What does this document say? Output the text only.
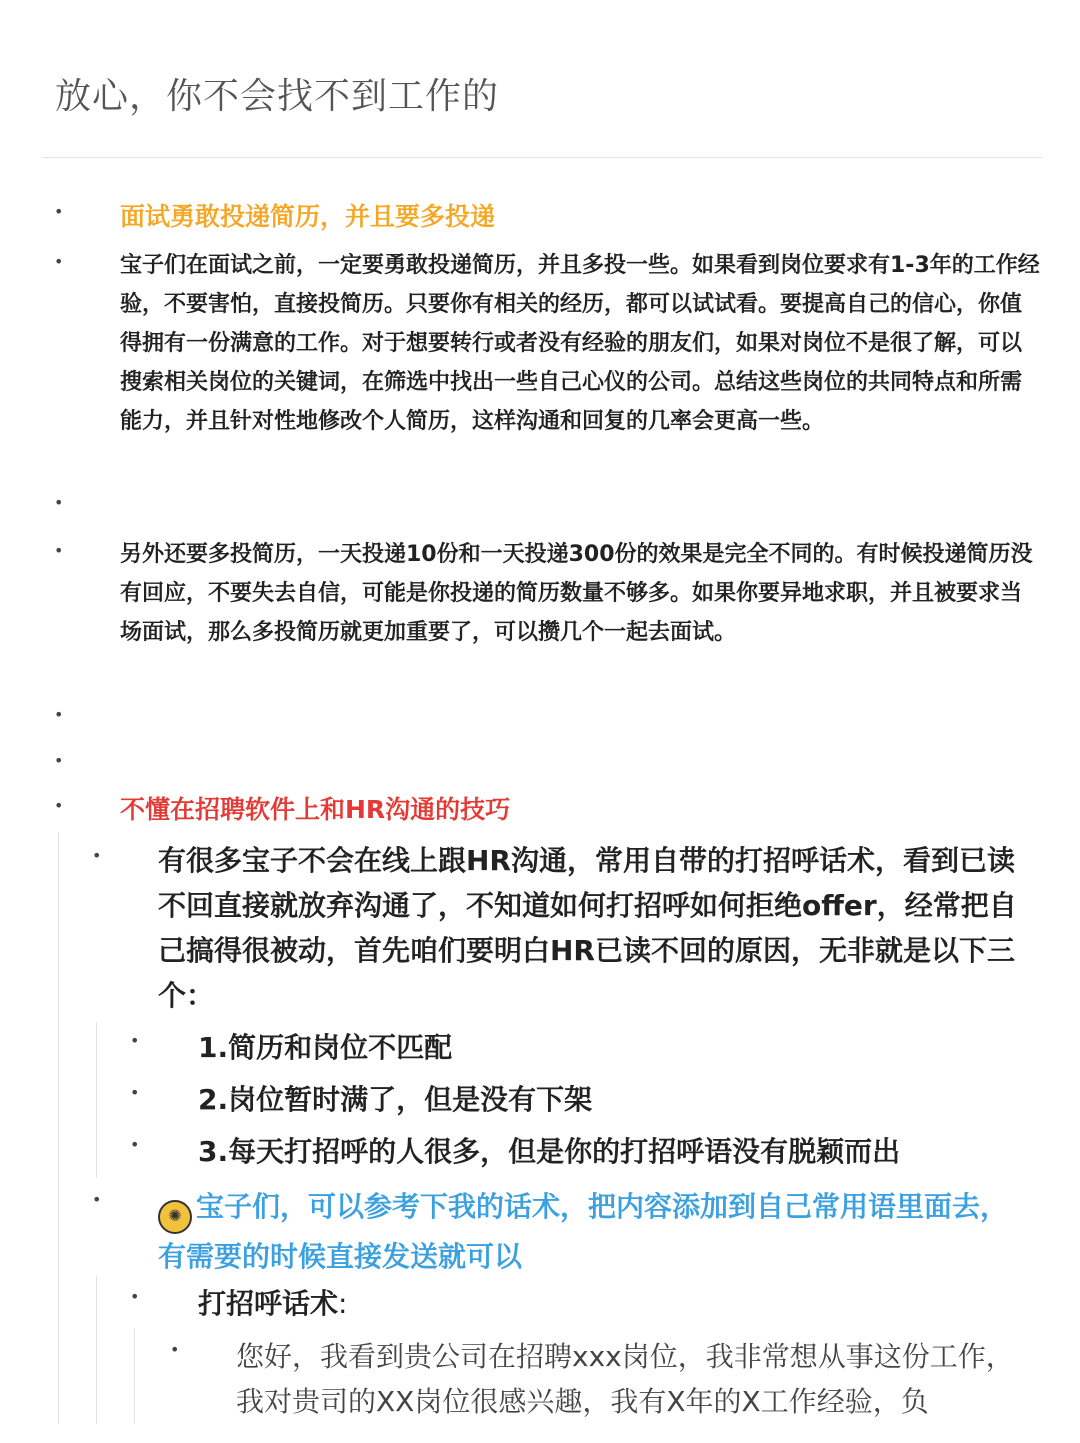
放心，你不会找不到工作的
•
•
•
•
•
•
•
面试勇敢投递简历，并且要多投递

宝子们在面试之前，一定要勇敢投递简历，并且多投一些。如果看到岗位要求有1-3年的工作经验，不要害怕，直接投简历。只要你有相关的经历，都可以试试看。要提高自己的信心，你值得拥有一份满意的工作。对于想要转行或者没有经验的朋友们，如果对岗位不是很了解，可以搜索相关岗位的关键词，在筛选中找出一些自己心仪的公司。总结这些岗位的共同特点和所需能力，并且针对性地修改个人简历，这样沟通和回复的几率会更高一些。

另外还要多投简历，一天投递10份和一天投递300份的效果是完全不同的。有时候投递简历没有回应，不要失去自信，可能是你投递的简历数量不够多。如果你要异地求职，并且被要求当场面试，那么多投简历就更加重要了，可以攒几个一起去面试。

不懂在招聘软件上和HR沟通的技巧
• 有很多宝子不会在线上跟HR沟通，常用自带的打招呼话术，看到已读不回直接就放弃沟通了，不知道如何打招呼如何拒绝offer，经常把自己搞得很被动，首先咱们要明白HR已读不回的原因，无非就是以下三个：

• 1.简历和岗位不匹配
• 2.岗位暂时满了，但是没有下架
• 3.每天打招呼的人很多，但是你的打招呼语没有脱颖而出
•

✺ 宝子们，可以参考下我的话术，把内容添加到自己常用语里面去，有需要的时候直接发送就可以

• 打招呼话术:
• 您好，我看到贵公司在招聘xxx岗位，我非常想从事这份工作，我对贵司的XX岗位很感兴趣，我有X年的X工作经验，负
